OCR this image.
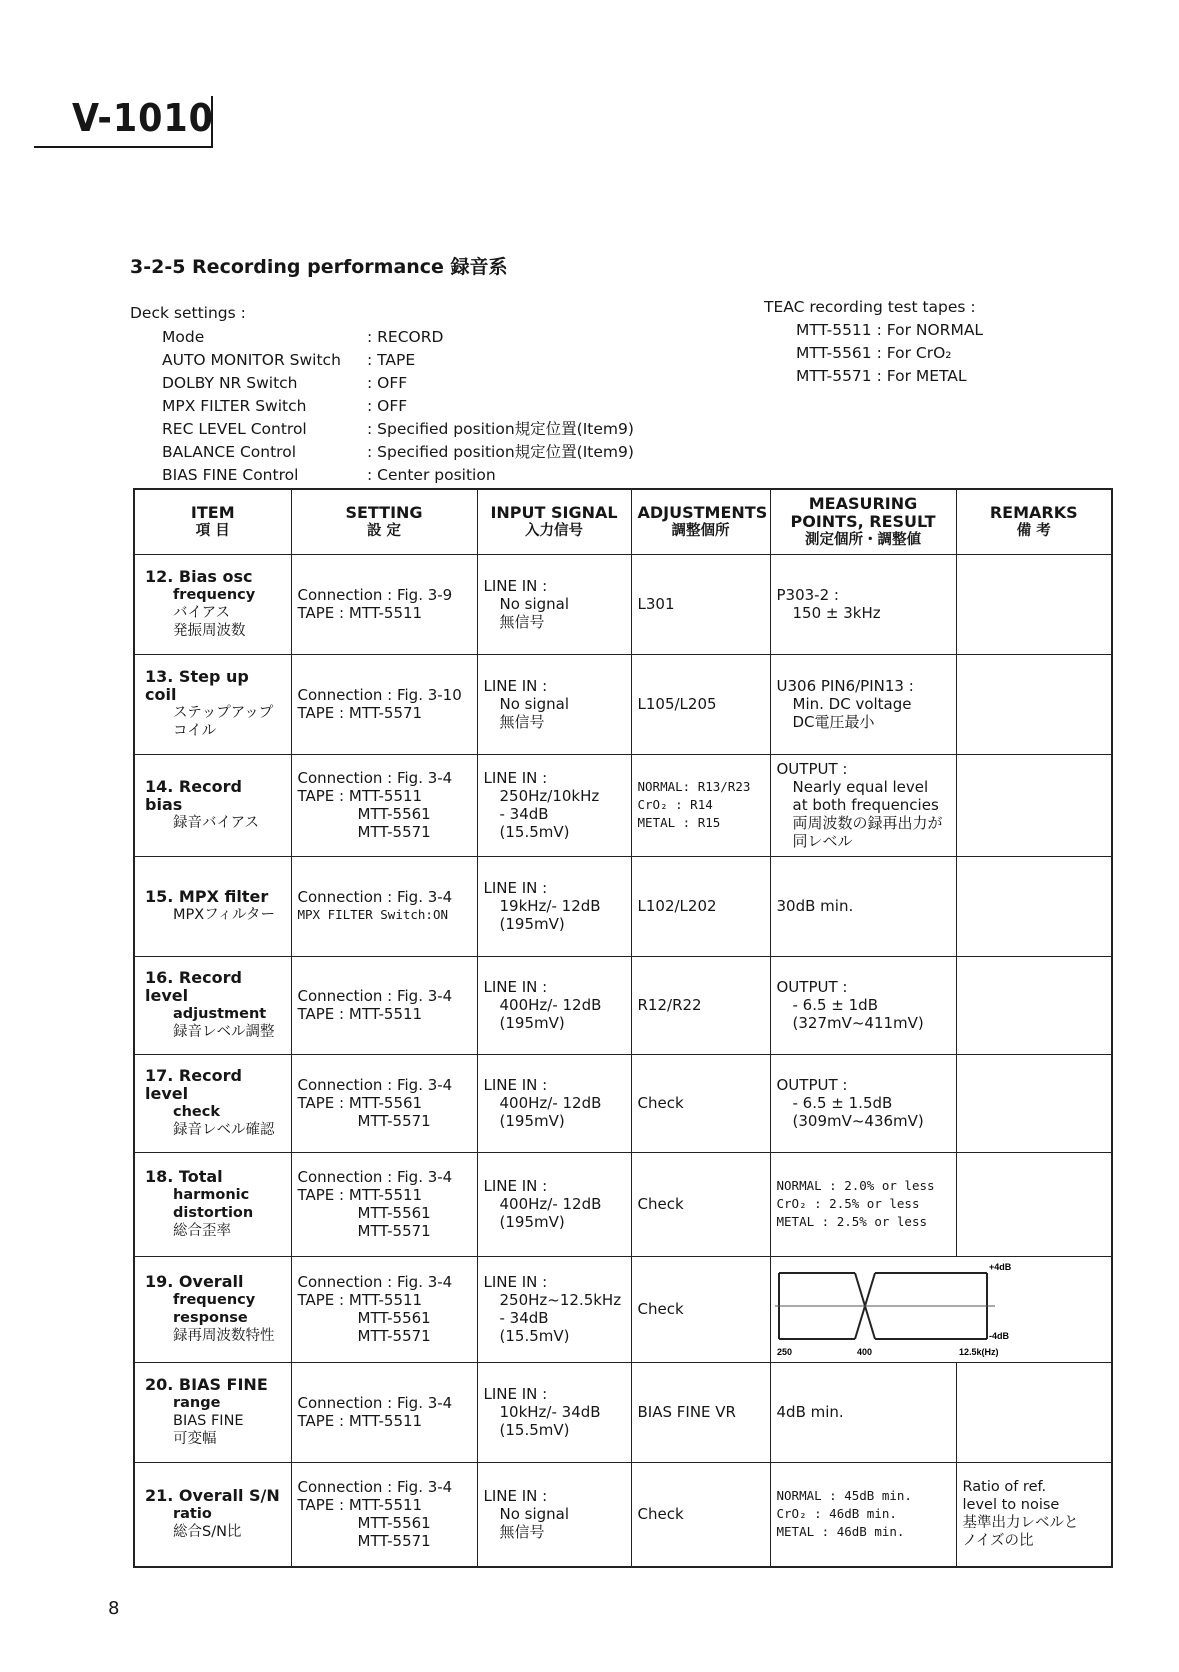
V-1010
3-2-5 Recording performance 録音系
Deck settings :
Mode	: RECORD
AUTO MONITOR Switch	: TAPE
DOLBY NR Switch	: OFF
MPX FILTER Switch	: OFF
REC LEVEL Control	: Specified position規定位置(Item9)
BALANCE Control	: Specified position規定位置(Item9)
BIAS FINE Control	: Center position
TEAC recording test tapes :
MTT-5511 : For NORMAL
MTT-5561 : For CrO₂
MTT-5571 : For METAL
ITEM
項 目	SETTING
設 定	INPUT SIGNAL
入力信号	ADJUSTMENTS
調整個所	MEASURING
POINTS, RESULT
測定個所・調整値	REMARKS
備 考

12. Bias osc
frequency
バイアス
発振周波数	Connection : Fig. 3-9
TAPE : MTT-5511	LINE IN :
No signal
無信号	L301	P303-2 :
150 ± 3kHz	

13. Step up coil
ステップアップ
コイル	Connection : Fig. 3-10
TAPE : MTT-5571	LINE IN :
No signal
無信号	L105/L205	U306 PIN6/PIN13 :
Min. DC voltage
DC電圧最小	

14. Record bias
録音バイアス	Connection : Fig. 3-4
TAPE : MTT-5511
MTT-5561
MTT-5571	LINE IN :
250Hz/10kHz
- 34dB
(15.5mV)	NORMAL: R13/R23
CrO₂ : R14
METAL : R15	OUTPUT :
Nearly equal level
at both frequencies
両周波数の録再出力が
同レベル	

15. MPX filter
MPXフィルター	Connection : Fig. 3-4
MPX FILTER Switch:ON	LINE IN :
19kHz/- 12dB
(195mV)	L102/L202	30dB min.	

16. Record level
adjustment
録音レベル調整	Connection : Fig. 3-4
TAPE : MTT-5511	LINE IN :
400Hz/- 12dB
(195mV)	R12/R22	OUTPUT :
- 6.5 ± 1dB
(327mV~411mV)	

17. Record level
check
録音レベル確認	Connection : Fig. 3-4
TAPE : MTT-5561
MTT-5571	LINE IN :
400Hz/- 12dB
(195mV)	Check	OUTPUT :
- 6.5 ± 1.5dB
(309mV~436mV)	

18. Total
harmonic
distortion
総合歪率	Connection : Fig. 3-4
TAPE : MTT-5511
MTT-5561
MTT-5571	LINE IN :
400Hz/- 12dB
(195mV)	Check	NORMAL : 2.0% or less
CrO₂ : 2.5% or less
METAL : 2.5% or less	

19. Overall
frequency
response
録再周波数特性	Connection : Fig. 3-4
TAPE : MTT-5511
MTT-5561
MTT-5571	LINE IN :
250Hz~12.5kHz
- 34dB
(15.5mV)	Check	+4dB
-4dB
250 400 12.5k(Hz)	

20. BIAS FINE
range
BIAS FINE
可変幅	Connection : Fig. 3-4
TAPE : MTT-5511	LINE IN :
10kHz/- 34dB
(15.5mV)	BIAS FINE VR	4dB min.	

21. Overall S/N
ratio
総合S/N比	Connection : Fig. 3-4
TAPE : MTT-5511
MTT-5561
MTT-5571	LINE IN :
No signal
無信号	Check	NORMAL : 45dB min.
CrO₂ : 46dB min.
METAL : 46dB min.	Ratio of ref.
level to noise
基準出力レベルと
ノイズの比
8
